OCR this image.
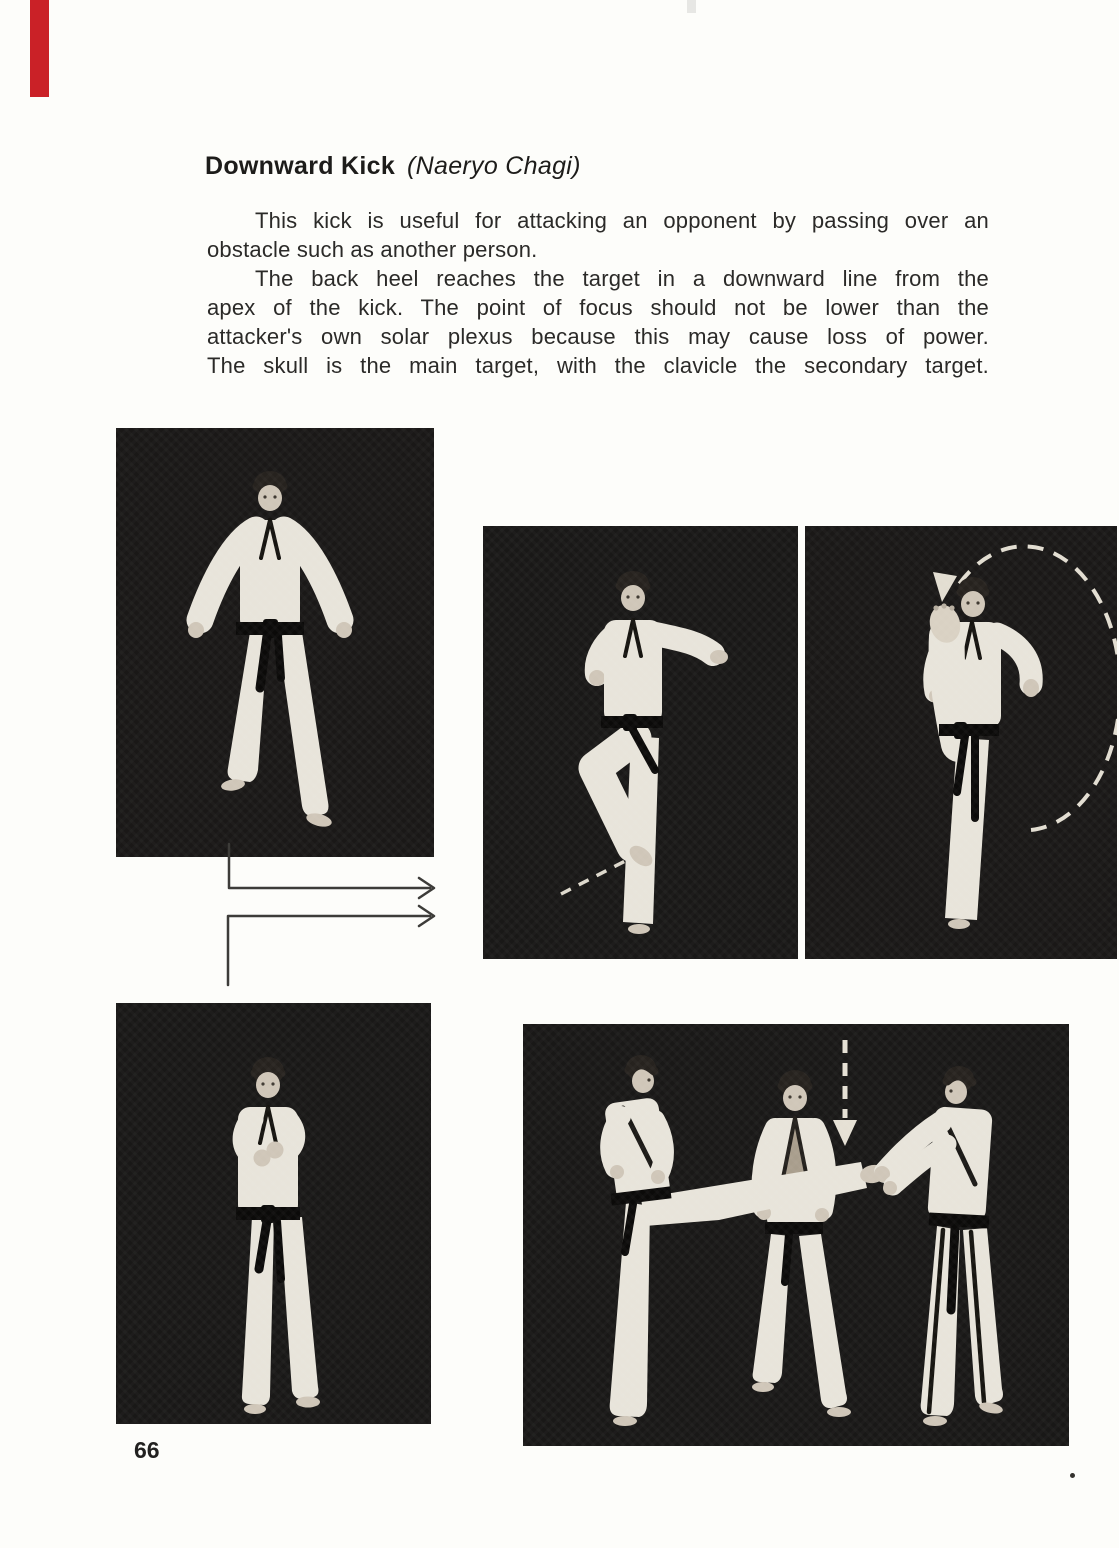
Downward Kick (Naeryo Chagi)
This kick is useful for attacking an opponent by passing over an
obstacle such as another person.
The back heel reaches the target in a downward line from the
apex of the kick. The point of focus should not be lower than the
attacker's own solar plexus because this may cause loss of power.
The skull is the main target, with the clavicle the secondary target.
66
